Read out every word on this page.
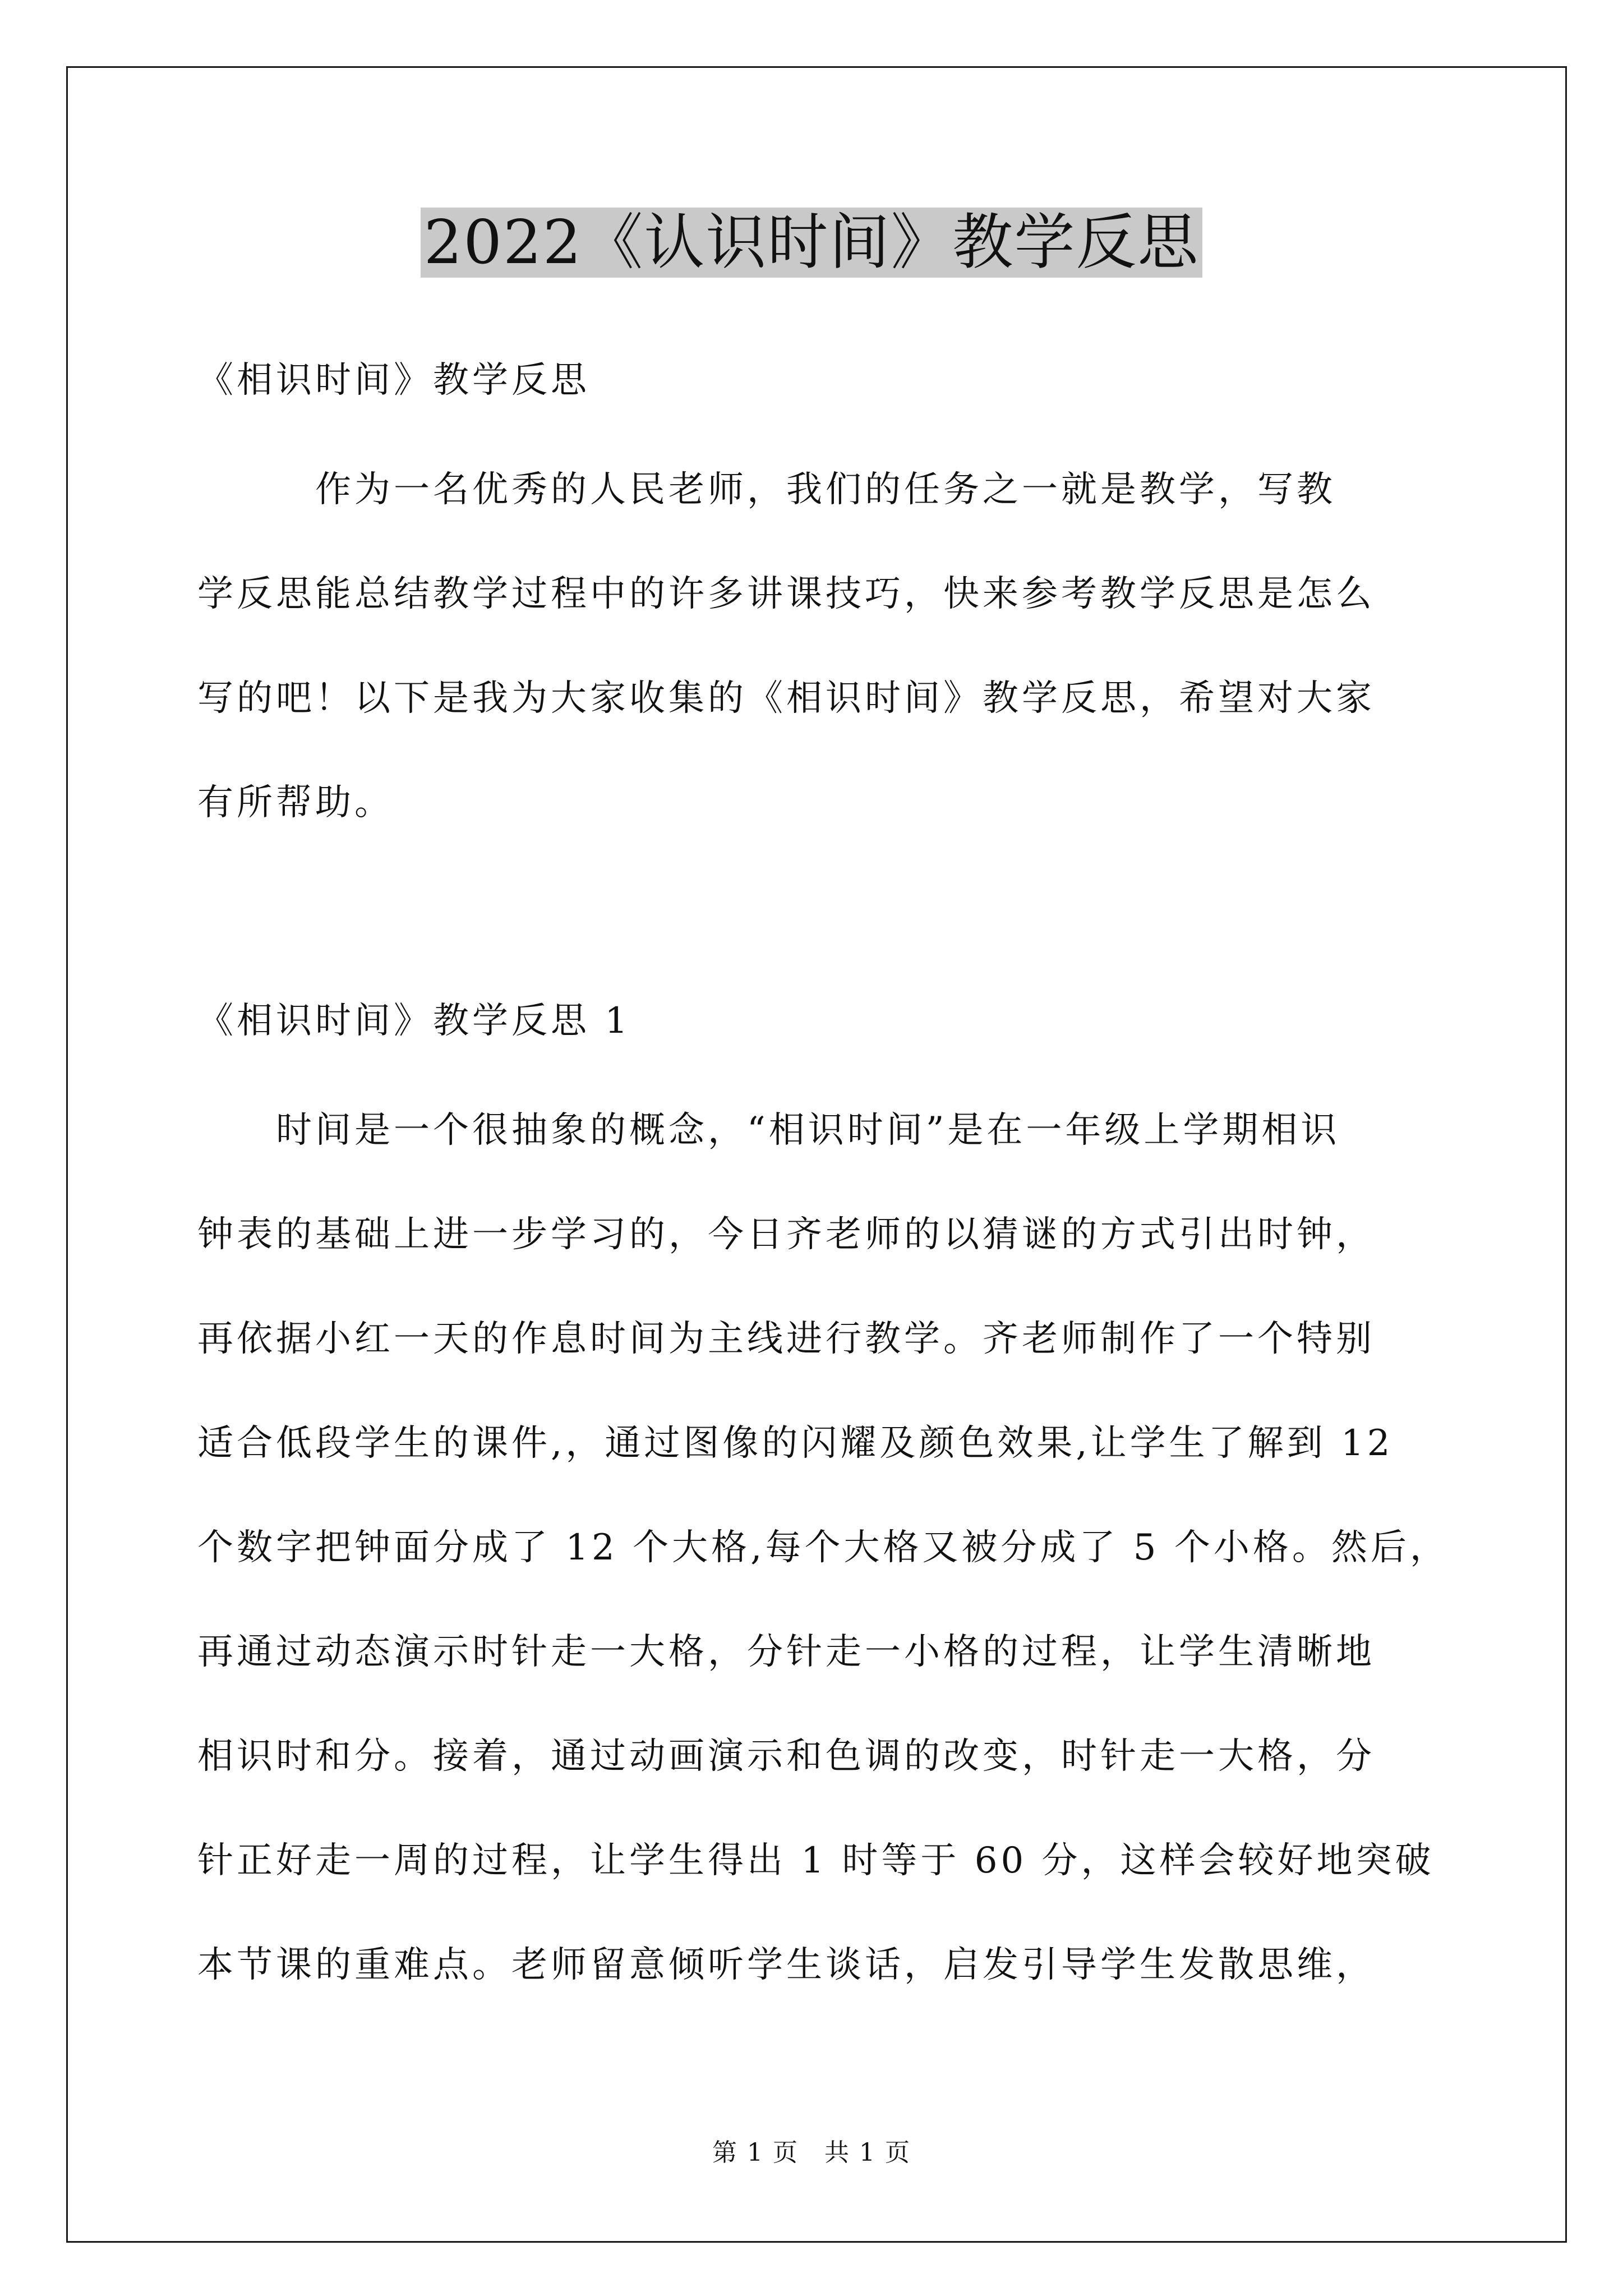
2022《认识时间》教学反思
《相识时间》教学反思
　　　作为一名优秀的人民老师，我们的任务之一就是教学，写教
学反思能总结教学过程中的许多讲课技巧，快来参考教学反思是怎么
写的吧！以下是我为大家收集的《相识时间》教学反思，希望对大家
有所帮助。
《相识时间》教学反思 1
　　时间是一个很抽象的概念，“相识时间”是在一年级上学期相识
钟表的基础上进一步学习的，今日齐老师的以猜谜的方式引出时钟，
再依据小红一天的作息时间为主线进行教学。齐老师制作了一个特别
适合低段学生的课件,，通过图像的闪耀及颜色效果,让学生了解到 12
个数字把钟面分成了 12 个大格,每个大格又被分成了 5 个小格。然后，
再通过动态演示时针走一大格，分针走一小格的过程，让学生清晰地
相识时和分。接着，通过动画演示和色调的改变，时针走一大格，分
针正好走一周的过程，让学生得出 1 时等于 60 分，这样会较好地突破
本节课的重难点。老师留意倾听学生谈话，启发引导学生发散思维，
第 1 页　共 1 页
